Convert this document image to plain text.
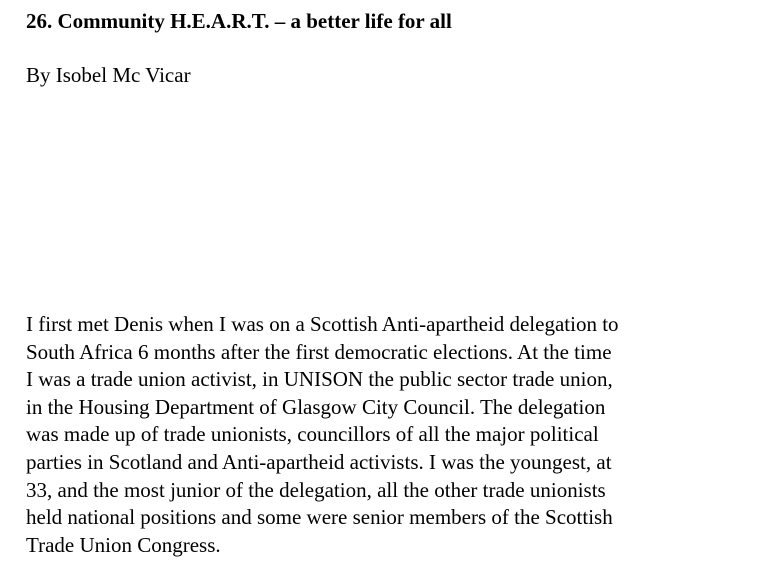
26. Community H.E.A.R.T. – a better life for all
By Isobel Mc Vicar
I first met Denis when I was on a Scottish Anti-apartheid delegation to
South Africa 6 months after the first democratic elections. At the time
I was a trade union activist, in UNISON the public sector trade union,
in the Housing Department of Glasgow City Council. The delegation
was made up of trade unionists, councillors of all the major political
parties in Scotland and Anti-apartheid activists. I was the youngest, at
33, and the most junior of the delegation, all the other trade unionists
held national positions and some were senior members of the Scottish
Trade Union Congress.
